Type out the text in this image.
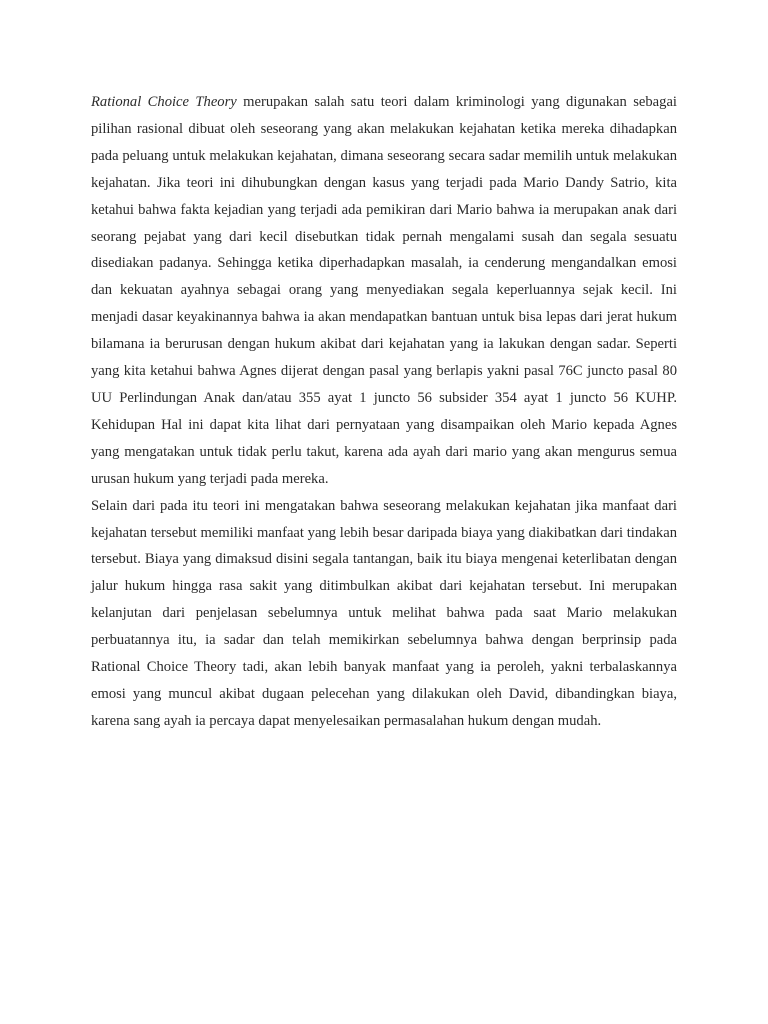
Rational Choice Theory merupakan salah satu teori dalam kriminologi yang digunakan sebagai pilihan rasional dibuat oleh seseorang yang akan melakukan kejahatan ketika mereka dihadapkan pada peluang untuk melakukan kejahatan, dimana seseorang secara sadar memilih untuk melakukan kejahatan. Jika teori ini dihubungkan dengan kasus yang terjadi pada Mario Dandy Satrio, kita ketahui bahwa fakta kejadian yang terjadi ada pemikiran dari Mario bahwa ia merupakan anak dari seorang pejabat yang dari kecil disebutkan tidak pernah mengalami susah dan segala sesuatu disediakan padanya. Sehingga ketika diperhadapkan masalah, ia cenderung mengandalkan emosi dan kekuatan ayahnya sebagai orang yang menyediakan segala keperluannya sejak kecil. Ini menjadi dasar keyakinannya bahwa ia akan mendapatkan bantuan untuk bisa lepas dari jerat hukum bilamana ia berurusan dengan hukum akibat dari kejahatan yang ia lakukan dengan sadar. Seperti yang kita ketahui bahwa Agnes dijerat dengan pasal yang berlapis yakni pasal 76C juncto pasal 80 UU Perlindungan Anak dan/atau 355 ayat 1 juncto 56 subsider 354 ayat 1 juncto 56 KUHP. Kehidupan Hal ini dapat kita lihat dari pernyataan yang disampaikan oleh Mario kepada Agnes yang mengatakan untuk tidak perlu takut, karena ada ayah dari mario yang akan mengurus semua urusan hukum yang terjadi pada mereka.

Selain dari pada itu teori ini mengatakan bahwa seseorang melakukan kejahatan jika manfaat dari kejahatan tersebut memiliki manfaat yang lebih besar daripada biaya yang diakibatkan dari tindakan tersebut. Biaya yang dimaksud disini segala tantangan, baik itu biaya mengenai keterlibatan dengan jalur hukum hingga rasa sakit yang ditimbulkan akibat dari kejahatan tersebut. Ini merupakan kelanjutan dari penjelasan sebelumnya untuk melihat bahwa pada saat Mario melakukan perbuatannya itu, ia sadar dan telah memikirkan sebelumnya bahwa dengan berprinsip pada Rational Choice Theory tadi, akan lebih banyak manfaat yang ia peroleh, yakni terbalaskannya emosi yang muncul akibat dugaan pelecehan yang dilakukan oleh David, dibandingkan biaya, karena sang ayah ia percaya dapat menyelesaikan permasalahan hukum dengan mudah.
